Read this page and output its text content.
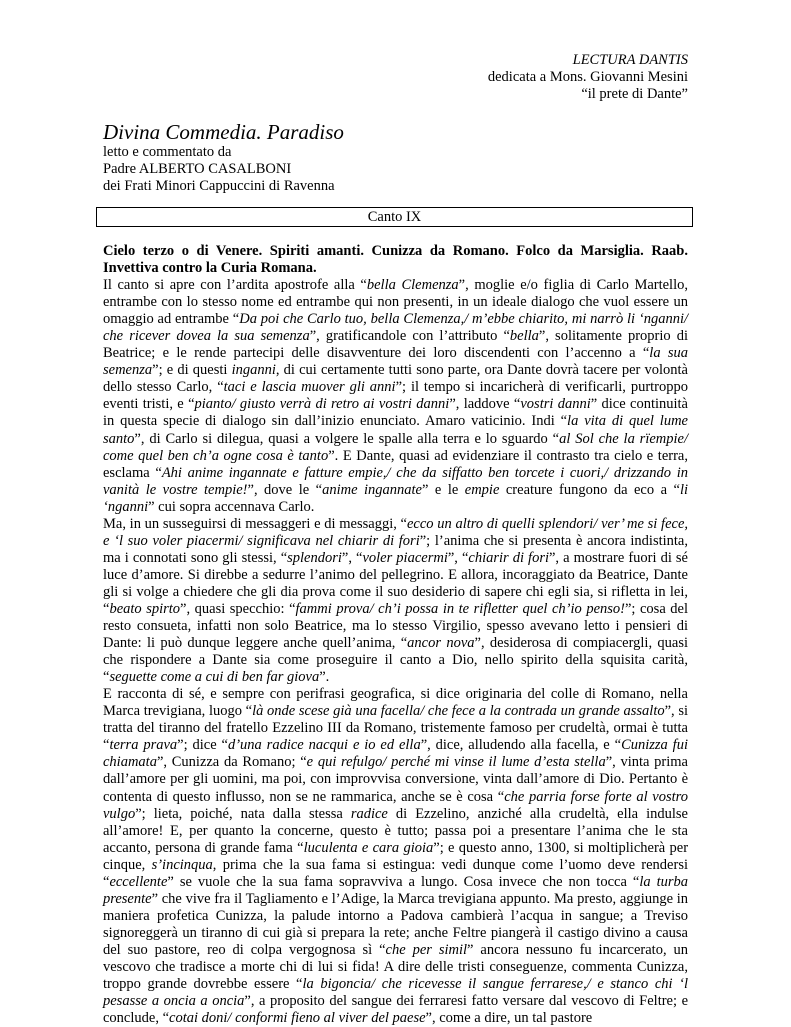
LECTURA DANTIS
dedicata a Mons. Giovanni Mesini
“il prete di Dante”
Divina Commedia. Paradiso
letto e commentato da
Padre ALBERTO CASALBONI
dei Frati Minori Cappuccini di Ravenna
Canto IX

Cielo terzo o di Venere. Spiriti amanti. Cunizza da Romano. Folco da Marsiglia. Raab. Invettiva contro la Curia Romana.

Il canto si apre con l’ardita apostrofe alla “bella Clemenza”, moglie e/o figlia di Carlo Martello, entrambe con lo stesso nome ed entrambe qui non presenti, in un ideale dialogo che vuol essere un omaggio ad entrambe “Da poi che Carlo tuo, bella Clemenza,/ m’ebbe chiarito, mi narrò li ‘nganni/ che ricever dovea la sua semenza”, gratificandole con l’attributo “bella”, solitamente proprio di Beatrice; e le rende partecipi delle disavventure dei loro discendenti con l’accenno a “la sua semenza”; e di questi inganni, di cui certamente tutti sono parte, ora Dante dovrà tacere per volontà dello stesso Carlo, “taci e lascia muover gli anni”; il tempo si incaricherà di verificarli, purtroppo eventi tristi, e “pianto/ giusto verrà di retro ai vostri danni”, laddove “vostri danni” dice continuità in questa specie di dialogo sin dall’inizio enunciato. Amaro vaticinio. Indi “la vita di quel lume santo”, di Carlo si dilegua, quasi a volgere le spalle alla terra e lo sguardo “al Sol che la rïempie/ come quel ben ch’a ogne cosa è tanto”. E Dante, quasi ad evidenziare il contrasto tra cielo e terra, esclama “Ahi anime ingannate e fatture empie,/ che da siffatto ben torcete i cuori,/ drizzando in vanità le vostre tempie!”, dove le “anime ingannate” e le empie creature fungono da eco a “li ‘nganni” cui sopra accennava Carlo.

Ma, in un susseguirsi di messaggeri e di messaggi, “ecco un altro di quelli splendori/ ver’ me si fece, e ‘l suo voler piacermi/ significava nel chiarir di fori”; l’anima che si presenta è ancora indistinta, ma i connotati sono gli stessi, “splendori”, “voler piacermi”, “chiarir di fori”, a mostrare fuori di sé luce d’amore. Si direbbe a sedurre l’animo del pellegrino. E allora, incoraggiato da Beatrice, Dante gli si volge a chiedere che gli dia prova come il suo desiderio di sapere chi egli sia, si rifletta in lei, “beato spirto”, quasi specchio: “fammi prova/ ch’i possa in te rifletter quel ch’io penso!”; cosa del resto consueta, infatti non solo Beatrice, ma lo stesso Virgilio, spesso avevano letto i pensieri di Dante: li può dunque leggere anche quell’anima, “ancor nova”, desiderosa di compiacergli, quasi che rispondere a Dante sia come proseguire il canto a Dio, nello spirito della squisita carità, “seguette come a cui di ben far giova”.

E racconta di sé, e sempre con perifrasi geografica, si dice originaria del colle di Romano, nella Marca trevigiana, luogo “là onde scese già una facella/ che fece a la contrada un grande assalto”, si tratta del tiranno del fratello Ezzelino III da Romano, tristemente famoso per crudeltà, ormai è tutta “terra prava”; dice “d’una radice nacqui e io ed ella”, dice, alludendo alla facella, e “Cunizza fui chiamata”, Cunizza da Romano; “e qui refulgo/ perché mi vinse il lume d’esta stella”, vinta prima dall’amore per gli uomini, ma poi, con improvvisa conversione, vinta dall’amore di Dio. Pertanto è contenta di questo influsso, non se ne rammarica, anche se è cosa “che parria forse forte al vostro vulgo”; lieta, poiché, nata dalla stessa radice di Ezzelino, anziché alla crudeltà, ella indulse all’amore! E, per quanto la concerne, questo è tutto; passa poi a presentare l’anima che le sta accanto, persona di grande fama “luculenta e cara gioia”; e questo anno, 1300, si moltiplicherà per cinque, s’incinqua, prima che la sua fama si estingua: vedi dunque come l’uomo deve rendersi “eccellente” se vuole che la sua fama sopravviva a lungo. Cosa invece che non tocca “la turba presente” che vive fra il Tagliamento e l’Adige, la Marca trevigiana appunto. Ma presto, aggiunge in maniera profetica Cunizza, la palude intorno a Padova cambierà l’acqua in sangue; a Treviso signoreggerà un tiranno di cui già si prepara la rete; anche Feltre piangerà il castigo divino a causa del suo pastore, reo di colpa vergognosa sì “che per simil” ancora nessuno fu incarcerato, un vescovo che tradisce a morte chi di lui si fida! A dire delle tristi conseguenze, commenta Cunizza, troppo grande dovrebbe essere “la bigoncia/ che ricevesse il sangue ferrarese,/ e stanco chi ‘l pesasse a oncia a oncia”, a proposito del sangue dei ferraresi fatto versare dal vescovo di Feltre; e conclude, “cotai doni/ conformi fieno al viver del paese”, come a dire, un tal pastore
